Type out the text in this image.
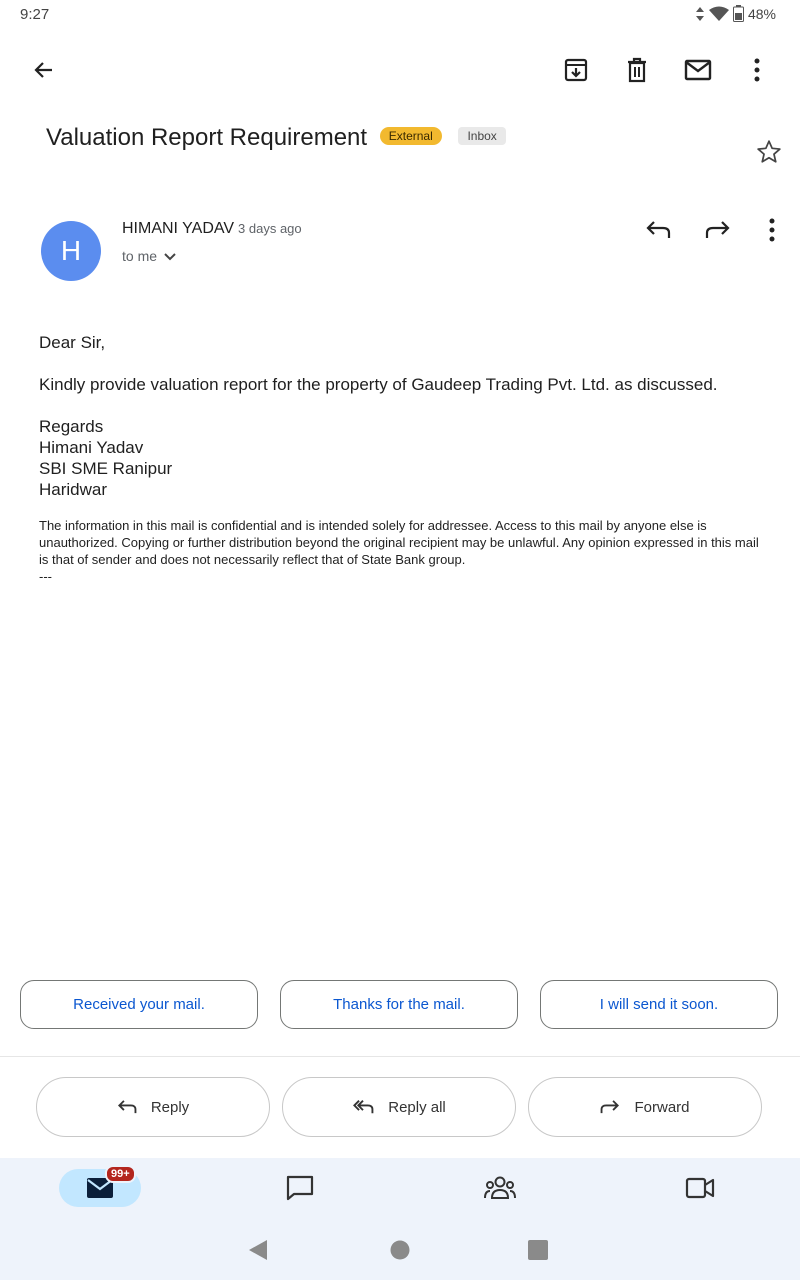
9:27	48%
Valuation Report Requirement External	Inbox
H
HIMANI YADAV 3 days ago
to me

Dear Sir,

Kindly provide valuation report for the property of Gaudeep Trading Pvt. Ltd. as discussed.

Regards

Himani Yadav

SBI SME Ranipur

Haridwar

The information in this mail is confidential and is intended solely for addressee. Access to this mail by anyone else is unauthorized. Copying or further distribution beyond the original recipient may be unlawful. Any opinion expressed in this mail is that of sender and does not necessarily reflect that of State Bank group.
---
Received your mail.	Thanks for the mail.	I will send it soon.
Reply	Reply all	Forward
99+
